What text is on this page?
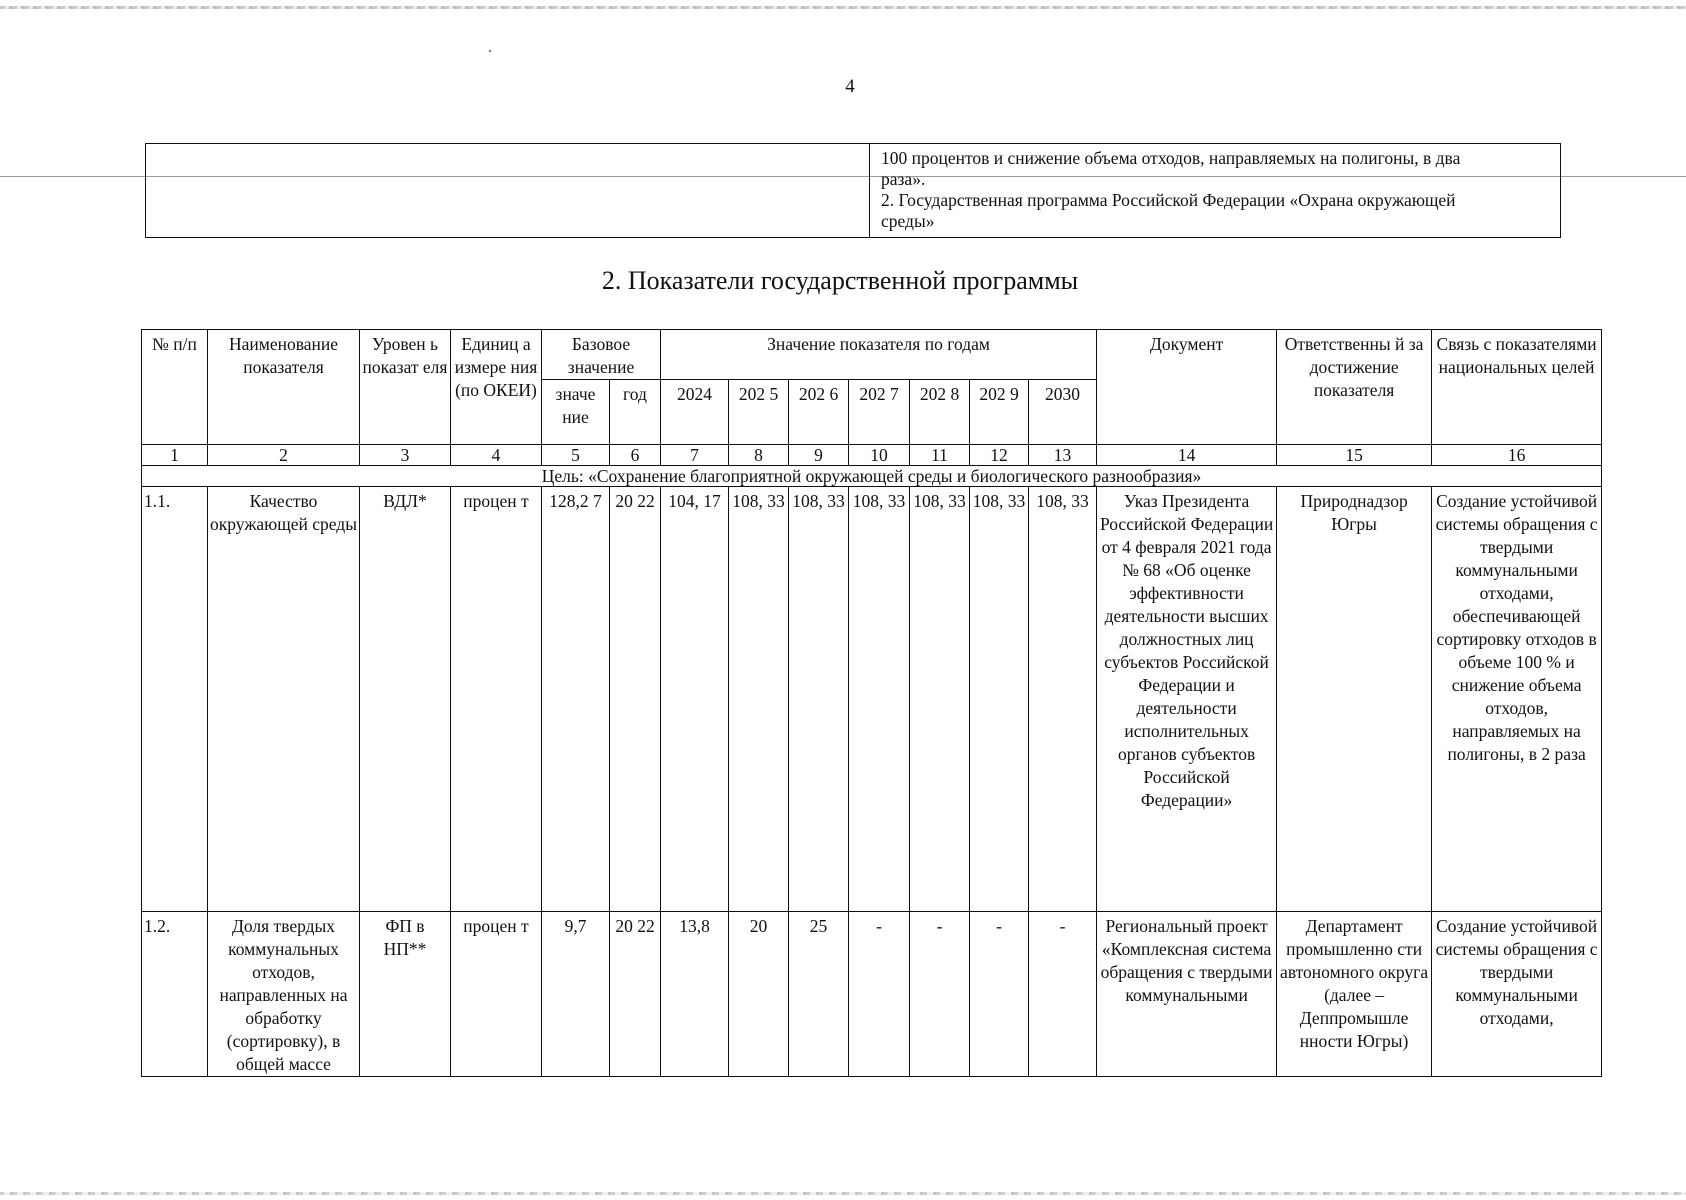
4
100 процентов и снижение объема отходов, направляемых на полигоны, в два
раза».
2. Государственная программа Российской Федерации «Охрана окружающей
среды»
2. Показатели государственной программы
№ п/п	Наименование показателя	Уровен ь показат еля	Единиц а измере ния (по ОКЕИ)	Базовое значение		Значение показателя по годам							Документ	Ответственны й за достижение показателя	Связь с показателями национальных целей
				значе ние	год	2024	202 5	202 6	202 7	202 8	202 9	2030			
1	2	3	4	5	6	7	8	9	10	11	12	13	14	15	16
Цель: «Сохранение благоприятной окружающей среды и биологического разнообразия»															
1.1.	Качество окружающей среды	ВДЛ*	процен т	128,2 7	20 22	104, 17	108, 33	108, 33	108, 33	108, 33	108, 33	108, 33	Указ Президента Российской Федерации от 4 февраля 2021 года № 68 «Об оценке эффективности деятельности высших должностных лиц субъектов Российской Федерации и деятельности исполнительных органов субъектов Российской Федерации»	Природнадзор Югры	Создание устойчивой системы обращения с твердыми коммунальными отходами, обеспечивающей сортировку отходов в объеме 100 % и снижение объема отходов, направляемых на полигоны, в 2 раза
1.2.	Доля твердых коммунальных отходов, направленных на обработку (сортировку), в общей массе	ФП в НП**	процен т	9,7	20 22	13,8	20	25	-	-	-	-	Региональный проект «Комплексная система обращения с твердыми коммунальными	Департамент промышленно сти автономного округа (далее – Деппромышле нности Югры)	Создание устойчивой системы обращения с твердыми коммунальными отходами,
